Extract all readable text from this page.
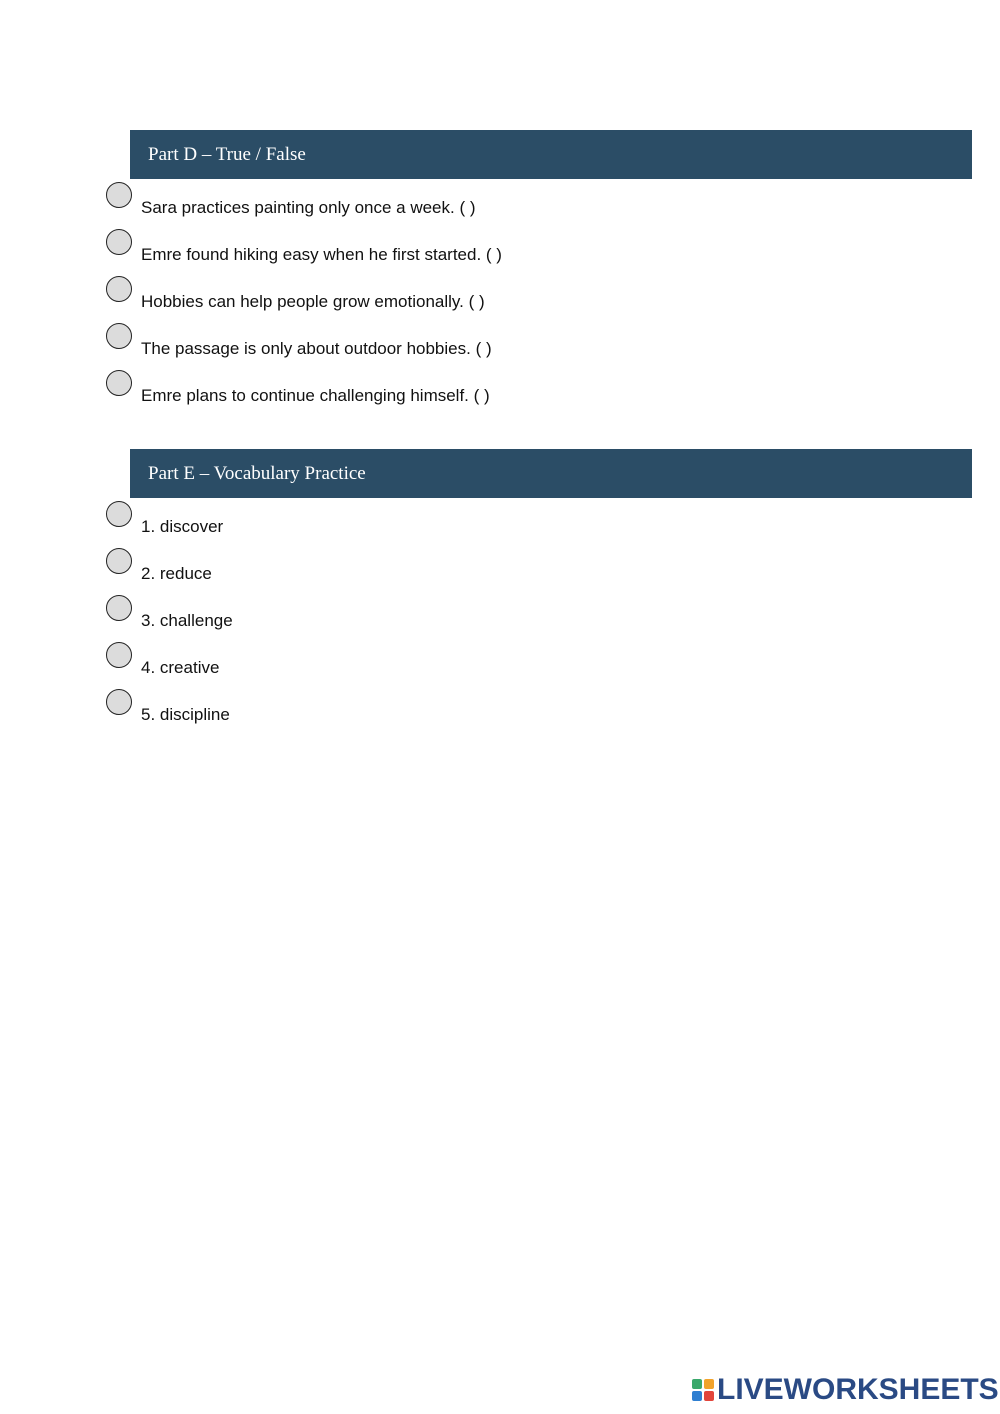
Part D – True / False
Sara practices painting only once a week. ( )
Emre found hiking easy when he first started. ( )
Hobbies can help people grow emotionally. ( )
The passage is only about outdoor hobbies. ( )
Emre plans to continue challenging himself. ( )
Part E – Vocabulary Practice
1. discover
2. reduce
3. challenge
4. creative
5. discipline
LIVEWORKSHEETS
